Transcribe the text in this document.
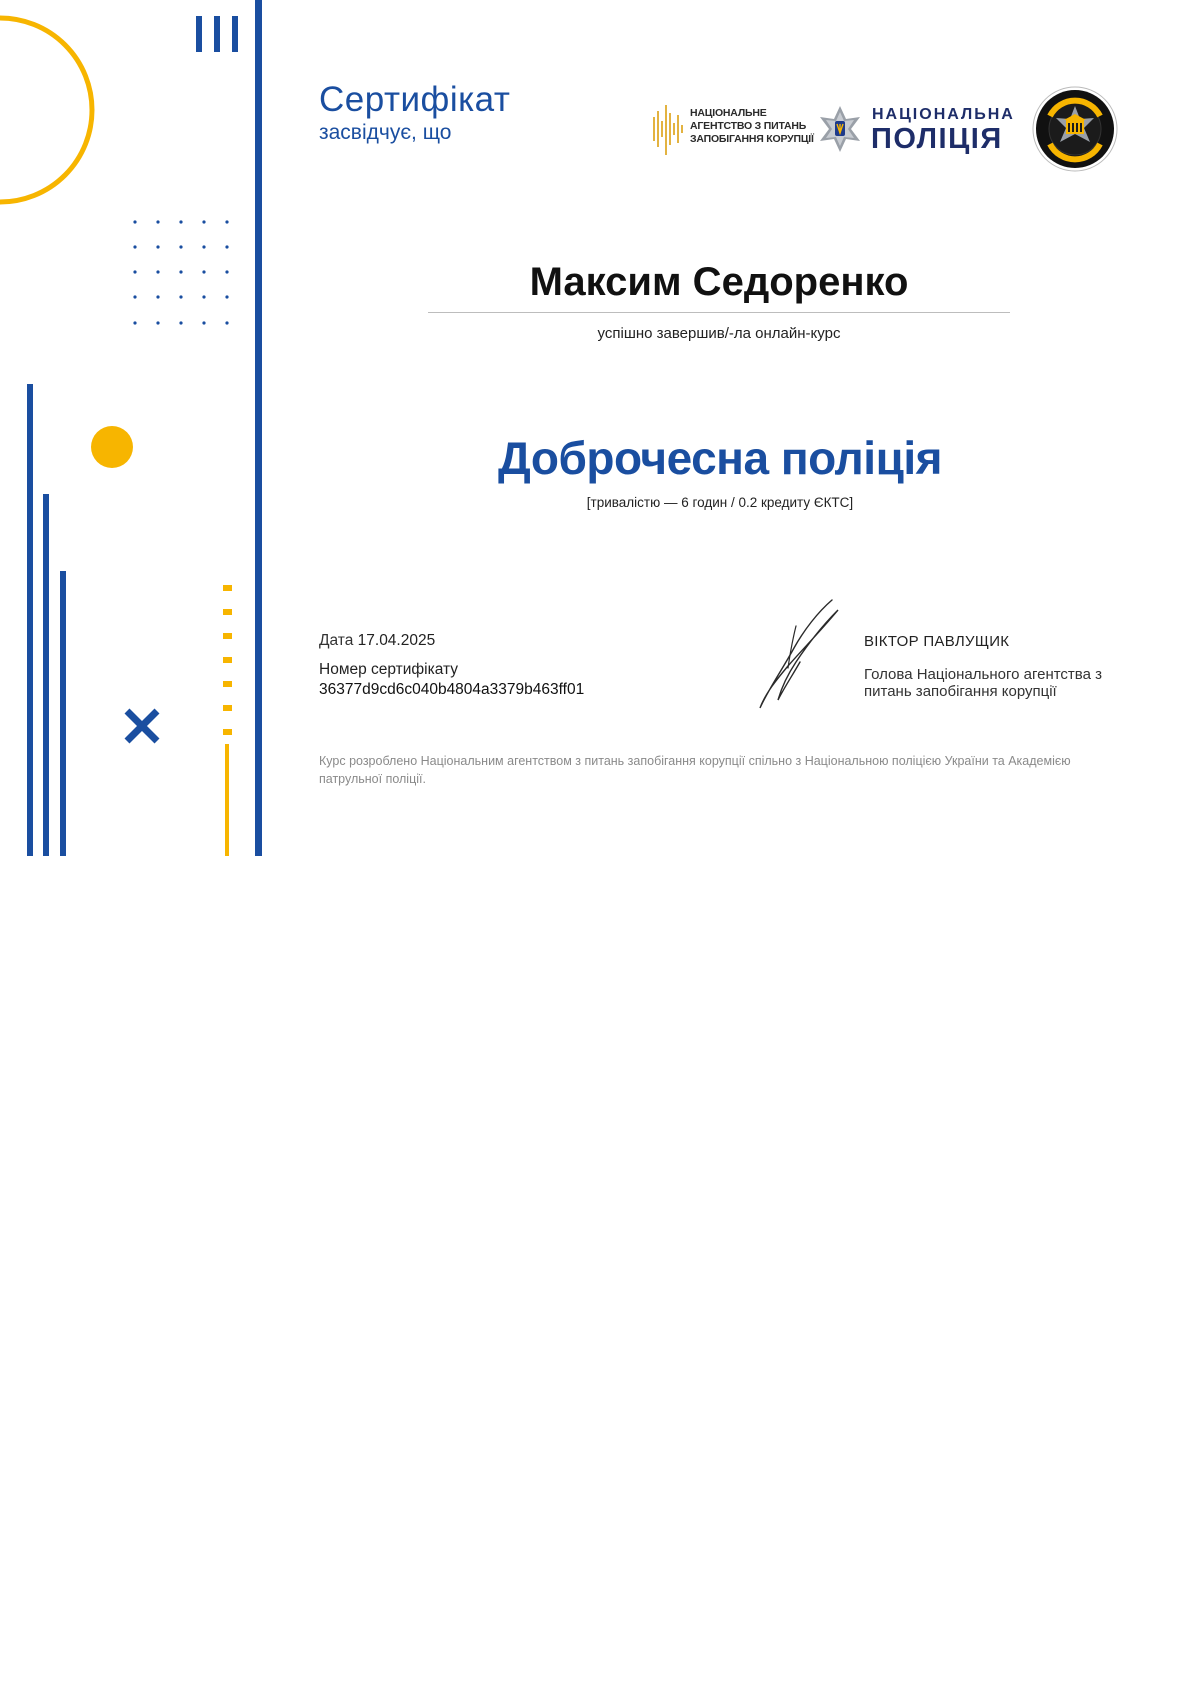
Сертифікат
засвідчує, що
НАЦІОНАЛЬНЕ АГЕНТСТВО З ПИТАНЬ ЗАПОБІГАННЯ КОРУПЦІЇ
НАЦІОНАЛЬНА
ПОЛІЦІЯ
Максим Седоренко
успішно завершив/-ла онлайн-курс
Доброчесна поліція
[тривалістю — 6 годин / 0.2 кредиту ЄКТС]
Дата 17.04.2025
Номер сертифікату
36377d9cd6c040b4804a3379b463ff01
ВІКТОР ПАВЛУЩИК
Голова Національного агентства з питань запобігання корупції
Курс розроблено Національним агентством з питань запобігання корупції спільно з Національною поліцією України та Академією патрульної поліції.
